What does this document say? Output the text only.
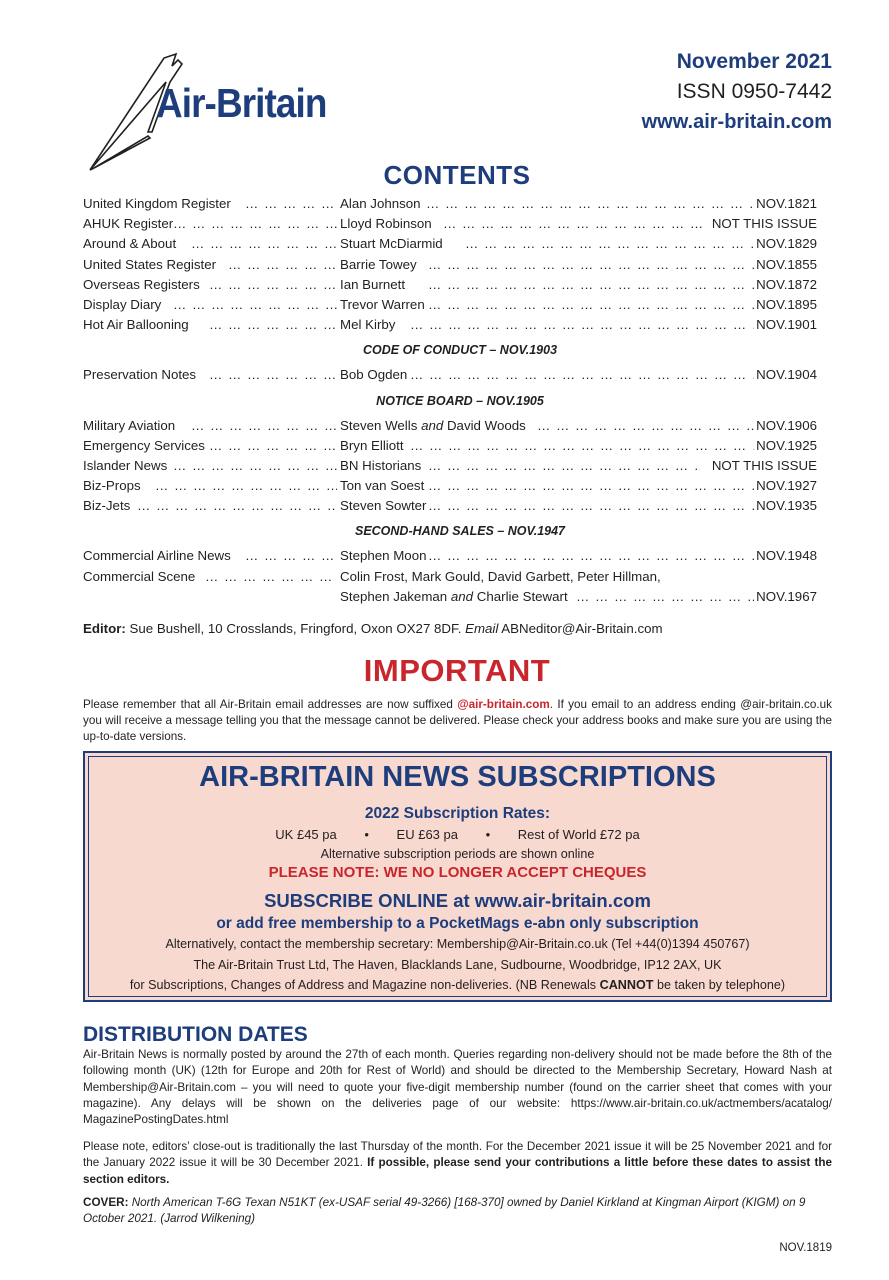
Air-Britain
November 2021
ISSN 0950-7442
www.air-britain.com
CONTENTS
United Kingdom Register … … … … … … … … … … … … … … … … … … … … … … … … … … … … … … … … … … … … … … … … … …	Alan Johnson … … … … … … … … … … … … … … … … … … … … … … … … … … … … … … … … … … … … … … … … … …	NOV.1821
AHUK Register … … … … … … … … … … … … … … … … … … … … … … … … … … … … … … … … … … … … … … … … … …	Lloyd Robinson … … … … … … … … … … … … … … … … … … … … … … … … … … … … … … … … … … … … … … … … … …	NOT THIS ISSUE
Around & About … … … … … … … … … … … … … … … … … … … … … … … … … … … … … … … … … … … … … … … … … …	Stuart McDiarmid … … … … … … … … … … … … … … … … … … … … … … … … … … … … … … … … … … … … … … … … … …	NOV.1829
United States Register … … … … … … … … … … … … … … … … … … … … … … … … … … … … … … … … … … … … … … … … … …	Barrie Towey … … … … … … … … … … … … … … … … … … … … … … … … … … … … … … … … … … … … … … … … … …	NOV.1855
Overseas Registers … … … … … … … … … … … … … … … … … … … … … … … … … … … … … … … … … … … … … … … … … …	Ian Burnett … … … … … … … … … … … … … … … … … … … … … … … … … … … … … … … … … … … … … … … … … …	NOV.1872
Display Diary … … … … … … … … … … … … … … … … … … … … … … … … … … … … … … … … … … … … … … … … … …	Trevor Warren … … … … … … … … … … … … … … … … … … … … … … … … … … … … … … … … … … … … … … … … … …	NOV.1895
Hot Air Ballooning … … … … … … … … … … … … … … … … … … … … … … … … … … … … … … … … … … … … … … … … … …	Mel Kirby … … … … … … … … … … … … … … … … … … … … … … … … … … … … … … … … … … … … … … … … … …	NOV.1901
CODE OF CONDUCT – NOV.1903
Preservation Notes … … … … … … … … … … … … … … … … … … … … … … … … … … … … … … … … … … … … … … … … … …	Bob Ogden … … … … … … … … … … … … … … … … … … … … … … … … … … … … … … … … … … … … … … … … … …	NOV.1904
NOTICE BOARD – NOV.1905
Military Aviation … … … … … … … … … … … … … … … … … … … … … … … … … … … … … … … … … … … … … … … … … …	Steven Wells and David Woods … … … … … … … … … … … … … … … … … … … … … … … … … … … … … … … … … … … … … … … … … …	NOV.1906
Emergency Services … … … … … … … … … … … … … … … … … … … … … … … … … … … … … … … … … … … … … … … … … …	Bryn Elliott … … … … … … … … … … … … … … … … … … … … … … … … … … … … … … … … … … … … … … … … … …	NOV.1925
Islander News … … … … … … … … … … … … … … … … … … … … … … … … … … … … … … … … … … … … … … … … … …	BN Historians … … … … … … … … … … … … … … … … … … … … … … … … … … … … … … … … … … … … … … … … … …	NOT THIS ISSUE
Biz-Props … … … … … … … … … … … … … … … … … … … … … … … … … … … … … … … … … … … … … … … … … …	Ton van Soest … … … … … … … … … … … … … … … … … … … … … … … … … … … … … … … … … … … … … … … … … …	NOV.1927
Biz-Jets … … … … … … … … … … … … … … … … … … … … … … … … … … … … … … … … … … … … … … … … … …	Steven Sowter … … … … … … … … … … … … … … … … … … … … … … … … … … … … … … … … … … … … … … … … … …	NOV.1935
SECOND-HAND SALES – NOV.1947
Commercial Airline News … … … … … … … … … … … … … … … … … … … … … … … … … … … … … … … … … … … … … … … … … …	Stephen Moon … … … … … … … … … … … … … … … … … … … … … … … … … … … … … … … … … … … … … … … … … …	NOV.1948
Commercial Scene … … … … … … … … … … … … … … … … … … … … … … … … … … … … … … … … … … … … … … … … … …	Colin Frost, Mark Gould, David Garbett, Peter Hillman,
Stephen Jakeman and Charlie Stewart … … … … … … … … … … … … … … … … … … … … … … … … … … … … … … … … … … … … … … … … … …	NOV.1967
Editor: Sue Bushell, 10 Crosslands, Fringford, Oxon OX27 8DF. Email ABNeditor@Air-Britain.com
IMPORTANT
Please remember that all Air-Britain email addresses are now suffixed @air-britain.com. If you email to an address ending @air-britain.co.uk you will receive a message telling you that the message cannot be delivered. Please check your address books and make sure you are using the up-to-date versions.
AIR-BRITAIN NEWS SUBSCRIPTIONS
2022 Subscription Rates:
UK £45 pa • EU £63 pa • Rest of World £72 pa
Alternative subscription periods are shown online
PLEASE NOTE: WE NO LONGER ACCEPT CHEQUES
SUBSCRIBE ONLINE at www.air-britain.com
or add free membership to a PocketMags e-abn only subscription
Alternatively, contact the membership secretary: Membership@Air-Britain.co.uk (Tel +44(0)1394 450767)
The Air-Britain Trust Ltd, The Haven, Blacklands Lane, Sudbourne, Woodbridge, IP12 2AX, UK
for Subscriptions, Changes of Address and Magazine non-deliveries. (NB Renewals CANNOT be taken by telephone)
DISTRIBUTION DATES
Air-Britain News is normally posted by around the 27th of each month. Queries regarding non-delivery should not be made before the 8th of the following month (UK) (12th for Europe and 20th for Rest of World) and should be directed to the Membership Secretary, Howard Nash at Membership@Air-Britain.com – you will need to quote your five-digit membership number (found on the carrier sheet that comes with your magazine). Any delays will be shown on the deliveries page of our website: https://www.air-britain.co.uk/actmembers/acatalog/ MagazinePostingDates.html
Please note, editors’ close-out is traditionally the last Thursday of the month. For the December 2021 issue it will be 25 November 2021 and for the January 2022 issue it will be 30 December 2021. If possible, please send your contributions a little before these dates to assist the section editors.
COVER: North American T-6G Texan N51KT (ex-USAF serial 49-3266) [168-370] owned by Daniel Kirkland at Kingman Airport (KIGM) on 9 October 2021. (Jarrod Wilkening)
NOV.1819
